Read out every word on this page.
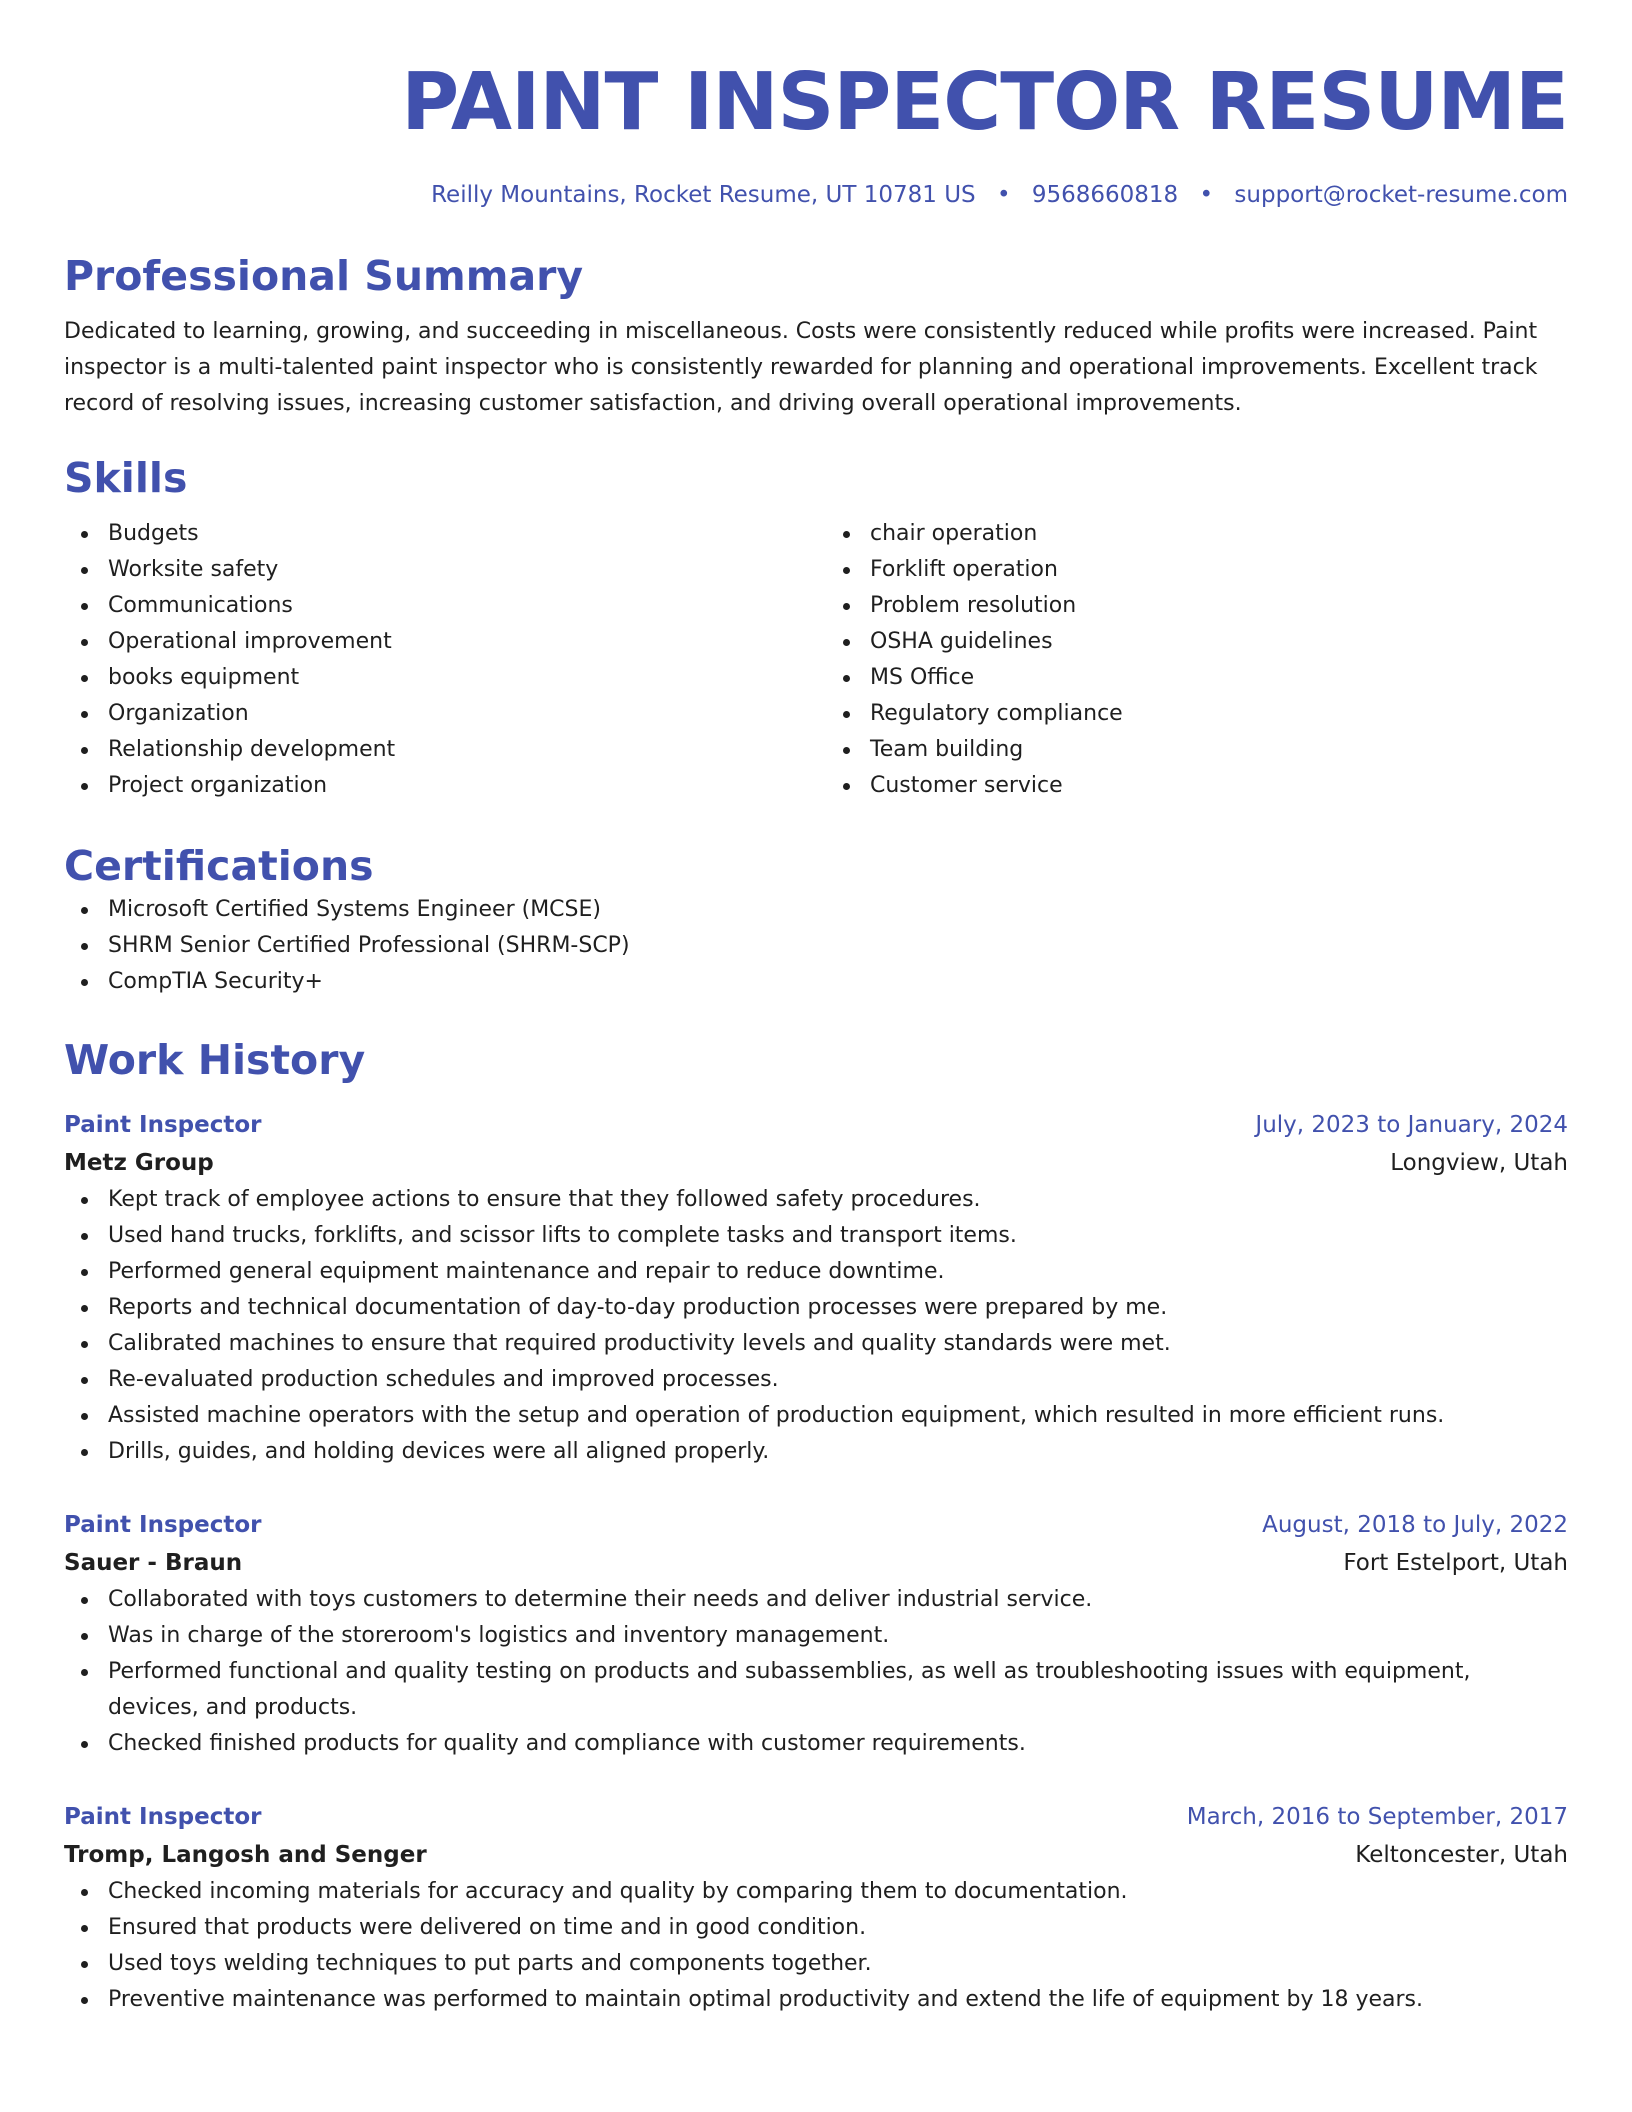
PAINT INSPECTOR RESUME
Reilly Mountains, Rocket Resume, UT 10781 US • 9568660818 • support@rocket-resume.com
Professional Summary

Dedicated to learning, growing, and succeeding in miscellaneous. Costs were consistently reduced while profits were increased. Paint inspector is a multi-talented paint inspector who is consistently rewarded for planning and operational improvements. Excellent track record of resolving issues, increasing customer satisfaction, and driving overall operational improvements.

Skills
Budgets
Worksite safety
Communications
Operational improvement
books equipment
Organization
Relationship development
Project organization
chair operation
Forklift operation
Problem resolution
OSHA guidelines
MS Office
Regulatory compliance
Team building
Customer service
Certifications
Microsoft Certified Systems Engineer (MCSE)
SHRM Senior Certified Professional (SHRM-SCP)
CompTIA Security+
Work History
Paint Inspector	July, 2023 to January, 2024
Metz Group	Longview, Utah
Kept track of employee actions to ensure that they followed safety procedures.
Used hand trucks, forklifts, and scissor lifts to complete tasks and transport items.
Performed general equipment maintenance and repair to reduce downtime.
Reports and technical documentation of day-to-day production processes were prepared by me.
Calibrated machines to ensure that required productivity levels and quality standards were met.
Re-evaluated production schedules and improved processes.
Assisted machine operators with the setup and operation of production equipment, which resulted in more efficient runs.
Drills, guides, and holding devices were all aligned properly.
Paint Inspector	August, 2018 to July, 2022
Sauer - Braun	Fort Estelport, Utah
Collaborated with toys customers to determine their needs and deliver industrial service.
Was in charge of the storeroom's logistics and inventory management.
Performed functional and quality testing on products and subassemblies, as well as troubleshooting issues with equipment, devices, and products.
Checked finished products for quality and compliance with customer requirements.
Paint Inspector	March, 2016 to September, 2017
Tromp, Langosh and Senger	Keltoncester, Utah
Checked incoming materials for accuracy and quality by comparing them to documentation.
Ensured that products were delivered on time and in good condition.
Used toys welding techniques to put parts and components together.
Preventive maintenance was performed to maintain optimal productivity and extend the life of equipment by 18 years.
